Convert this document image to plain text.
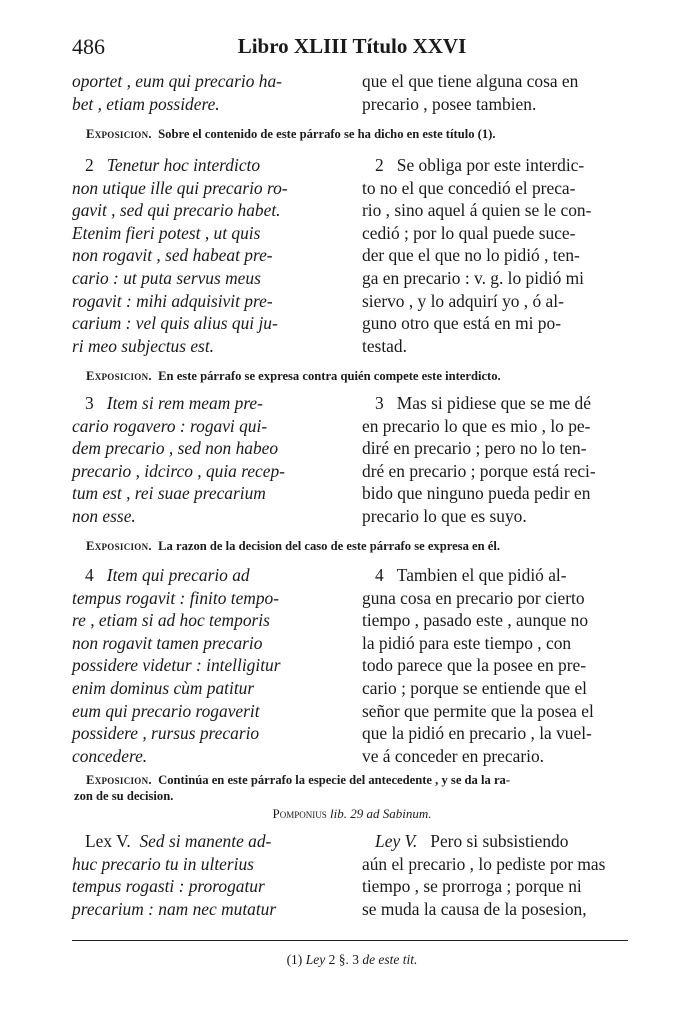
486	Libro XLIII Título XXVI
oportet , eum qui precario ha-
bet , etiam possidere.
que el que tiene alguna cosa en
precario , posee tambien.
Exposicion. Sobre el contenido de este párrafo se ha dicho en este título (1).
2 Tenetur hoc interdicto
non utique ille qui precario ro-
gavit , sed qui precario habet.
Etenim fieri potest , ut quis
non rogavit , sed habeat pre-
cario : ut puta servus meus
rogavit : mihi adquisivit pre-
carium : vel quis alius qui ju-
ri meo subjectus est.
2 Se obliga por este interdic-
to no el que concedió el preca-
rio , sino aquel á quien se le con-
cedió ; por lo qual puede suce-
der que el que no lo pidió , ten-
ga en precario : v. g. lo pidió mi
siervo , y lo adquirí yo , ó al-
guno otro que está en mi po-
testad.
Exposicion. En este párrafo se expresa contra quién compete este interdicto.
3 Item si rem meam pre-
cario rogavero : rogavi qui-
dem precario , sed non habeo
precario , idcirco , quia recep-
tum est , rei suae precarium
non esse.
3 Mas si pidiese que se me dé
en precario lo que es mio , lo pe-
diré en precario ; pero no lo ten-
dré en precario ; porque está reci-
bido que ninguno pueda pedir en
precario lo que es suyo.
Exposicion. La razon de la decision del caso de este párrafo se expresa en él.
4 Item qui precario ad
tempus rogavit : finito tempo-
re , etiam si ad hoc temporis
non rogavit tamen precario
possidere videtur : intelligitur
enim dominus cùm patitur
eum qui precario rogaverit
possidere , rursus precario
concedere.
4 Tambien el que pidió al-
guna cosa en precario por cierto
tiempo , pasado este , aunque no
la pidió para este tiempo , con
todo parece que la posee en pre-
cario ; porque se entiende que el
señor que permite que la posea el
que la pidió en precario , la vuel-
ve á conceder en precario.
Exposicion. Continúa en este párrafo la especie del antecedente , y se da la ra-
zon de su decision.
Pomponius lib. 29 ad Sabinum.
Lex V. Sed si manente ad-
huc precario tu in ulterius
tempus rogasti : prorogatur
precarium : nam nec mutatur
Ley V. Pero si subsistiendo
aún el precario , lo pediste por mas
tiempo , se prorroga ; porque ni
se muda la causa de la posesion,
(1) Ley 2 §. 3 de este tit.
